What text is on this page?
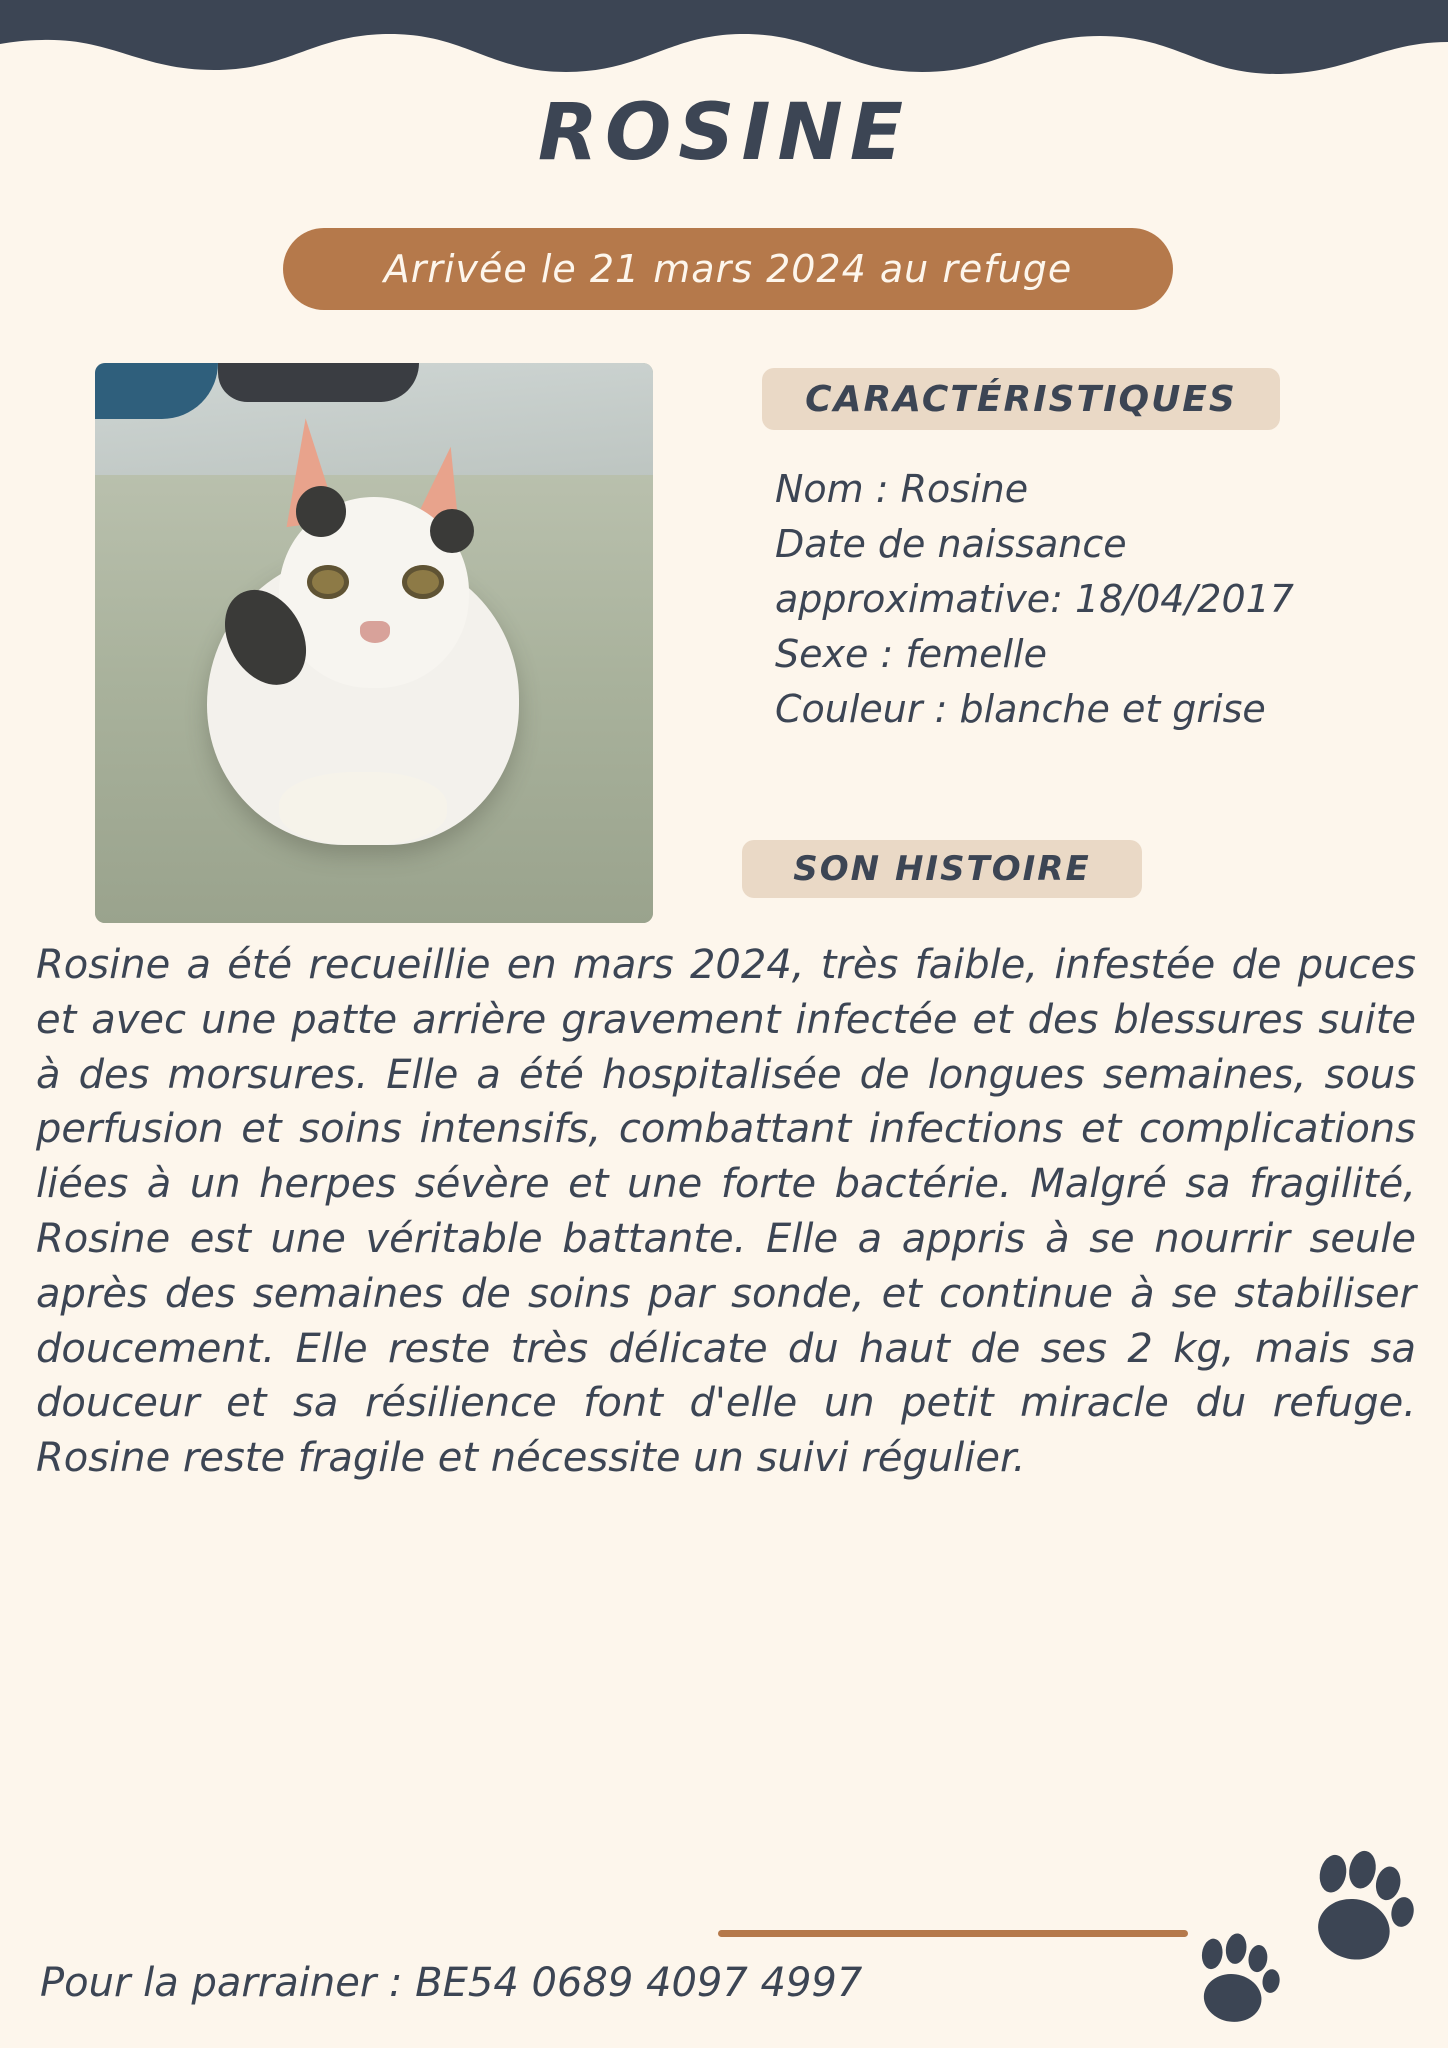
ROSINE
Arrivée le 21 mars 2024 au refuge
CARACTÉRISTIQUES
Nom : Rosine
Date de naissance
approximative: 18/04/2017
Sexe : femelle
Couleur : blanche et grise
SON HISTOIRE
Rosine a été recueillie en mars 2024, très faible, infestée de puces et avec une patte arrière gravement infectée et des blessures suite à des morsures. Elle a été hospitalisée de longues semaines, sous perfusion et soins intensifs, combattant infections et complications liées à un herpes sévère et une forte bactérie. Malgré sa fragilité, Rosine est une véritable battante. Elle a appris à se nourrir seule après des semaines de soins par sonde, et continue à se stabiliser doucement. Elle reste très délicate du haut de ses 2 kg, mais sa douceur et sa résilience font d'elle un petit miracle du refuge. Rosine reste fragile et nécessite un suivi régulier.
Pour la parrainer : BE54 0689 4097 4997
